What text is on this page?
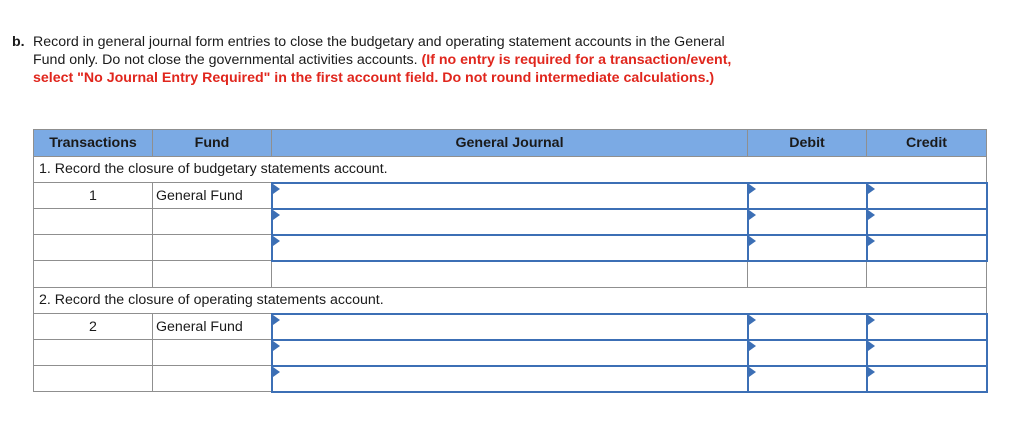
b. Record in general journal form entries to close the budgetary and operating statement accounts in the General Fund only. Do not close the governmental activities accounts. (If no entry is required for a transaction/event, select "No Journal Entry Required" in the first account field. Do not round intermediate calculations.)
Transactions	Fund	General Journal	Debit	Credit
1. Record the closure of budgetary statements account.				
1	General Fund	

2. Record the closure of operating statements account.				
2	General Fund	
